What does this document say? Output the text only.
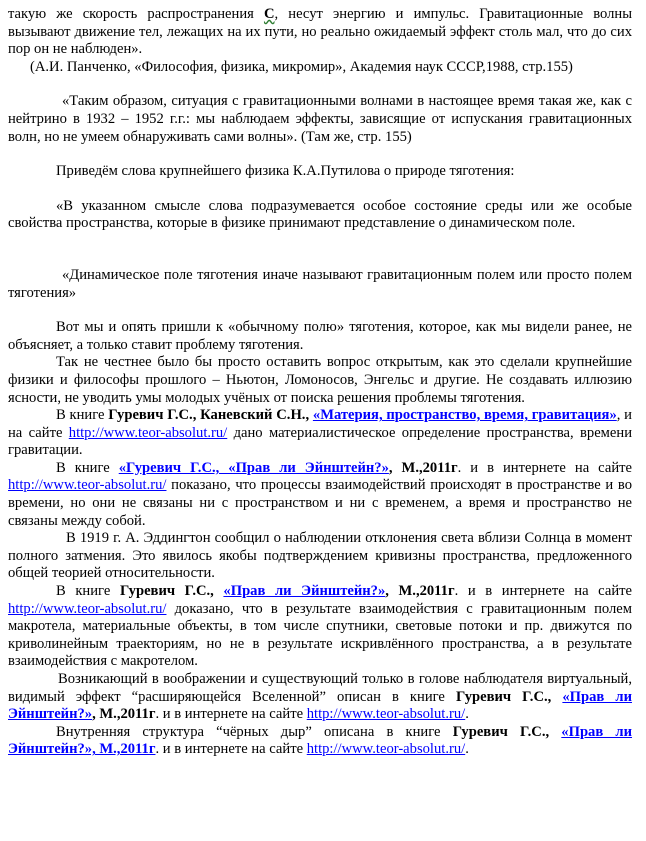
такую же скорость распространения С, несут энергию и импульс. Гравитационные волны вызывают движение тел, лежащих на их пути, но реально ожидаемый эффект столь мал, что до сих пор он не наблюден».

(А.И. Панченко, «Философия, физика, микромир», Академия наук СССР,1988, стр.155)

«Таким образом, ситуация с гравитационными волнами в настоящее время такая же, как с нейтрино в 1932 – 1952 г.г.: мы наблюдаем эффекты, зависящие от испускания гравитационных волн, но не умеем обнаруживать сами волны». (Там же, стр. 155)

Приведём слова крупнейшего физика К.А.Путилова о природе тяготения:

«В указанном смысле слова подразумевается особое состояние среды или же особые свойства пространства, которые в физике принимают представление о динамическом поле.

«Динамическое поле тяготения иначе называют гравитационным полем или просто полем тяготения»

Вот мы и опять пришли к «обычному полю» тяготения, которое, как мы видели ранее, не объясняет, а только ставит проблему тяготения.

Так не честнее было бы просто оставить вопрос открытым, как это сделали крупнейшие физики и философы прошлого – Ньютон, Ломоносов, Энгельс и другие. Не создавать иллюзию ясности, не уводить умы молодых учёных от поиска решения проблемы тяготения.

В книге Гуревич Г.С., Каневский С.Н., «Материя, пространство, время, гравитация», и на сайте http://www.teor-absolut.ru/ дано материалистическое определение пространства, времени гравитации.

В книге «Гуревич Г.С., «Прав ли Эйнштейн?», М.,2011г. и в интернете на сайте http://www.teor-absolut.ru/ показано, что процессы взаимодействий происходят в пространстве и во времени, но они не связаны ни с пространством и ни с временем, а время и пространство не связаны между собой.

В 1919 г. А. Эддингтон сообщил о наблюдении отклонения света вблизи Солнца в момент полного затмения. Это явилось якобы подтверждением кривизны пространства, предложенного общей теорией относительности.

В книге Гуревич Г.С., «Прав ли Эйнштейн?», М.,2011г. и в интернете на сайте http://www.teor-absolut.ru/ доказано, что в результате взаимодействия с гравитационным полем макротела, материальные объекты, в том числе спутники, световые потоки и пр. движутся по криволинейным траекториям, но не в результате искривлённого пространства, а в результате взаимодействия с макротелом.

Возникающий в воображении и существующий только в голове наблюдателя виртуальный, видимый эффект “расширяющейся Вселенной” описан в книге Гуревич Г.С., «Прав ли Эйнштейн?», М.,2011г. и в интернете на сайте http://www.teor-absolut.ru/.

Внутренняя структура “чёрных дыр” описана в книге Гуревич Г.С., «Прав ли Эйнштейн?», М.,2011г. и в интернете на сайте http://www.teor-absolut.ru/.
